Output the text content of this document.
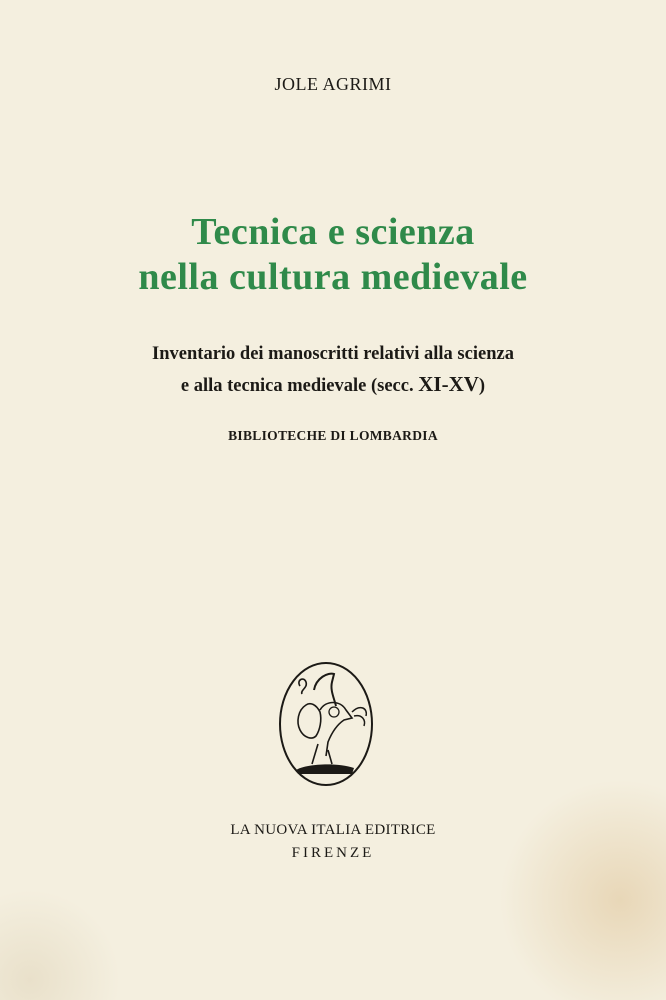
JOLE AGRIMI
Tecnica e scienza
nella cultura medievale
Inventario dei manoscritti relativi alla scienza
e alla tecnica medievale (secc. XI-XV)
BIBLIOTECHE DI LOMBARDIA
LA NUOVA ITALIA EDITRICE
FIRENZE
